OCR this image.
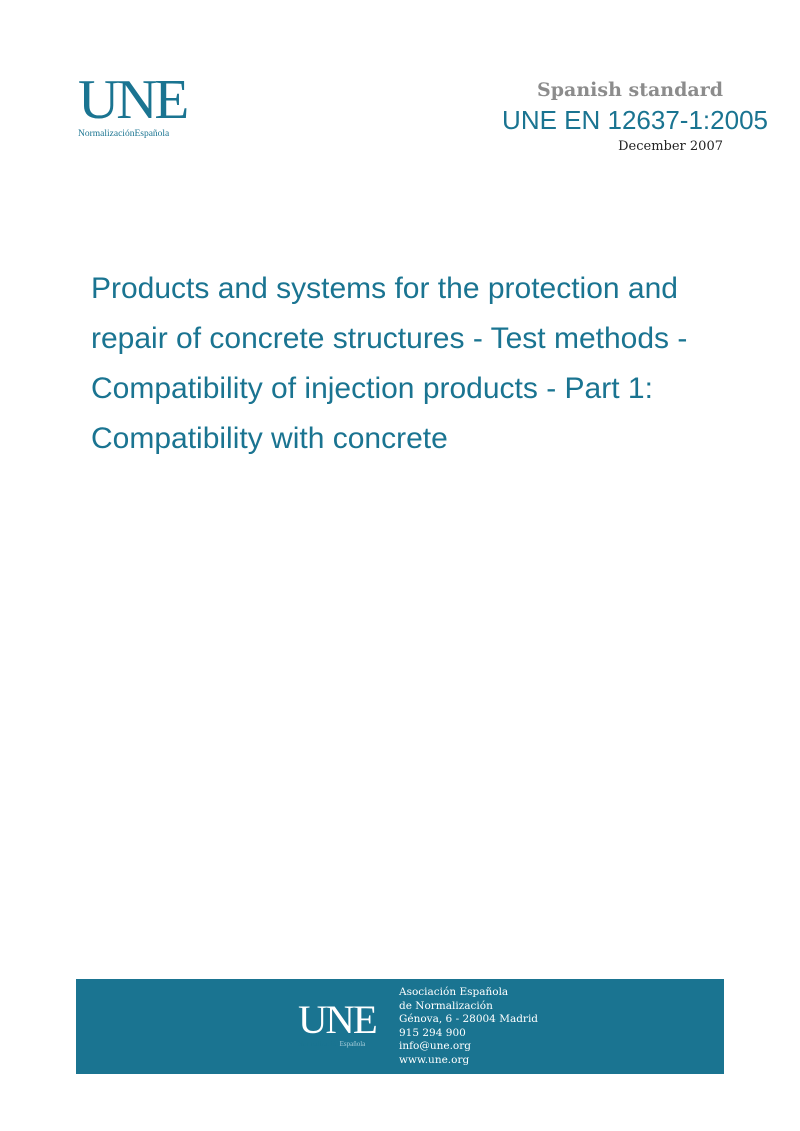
UNE
NormalizaciónEspañola
Spanish standard
UNE EN 12637-1:2005
December 2007
Products and systems for the protection and repair of concrete structures - Test methods - Compatibility of injection products - Part 1: Compatibility with concrete
UNE
NormalizaciónEspañola
Asociación Española
de Normalización
Génova, 6 - 28004 Madrid
915 294 900
info@une.org
www.une.org
